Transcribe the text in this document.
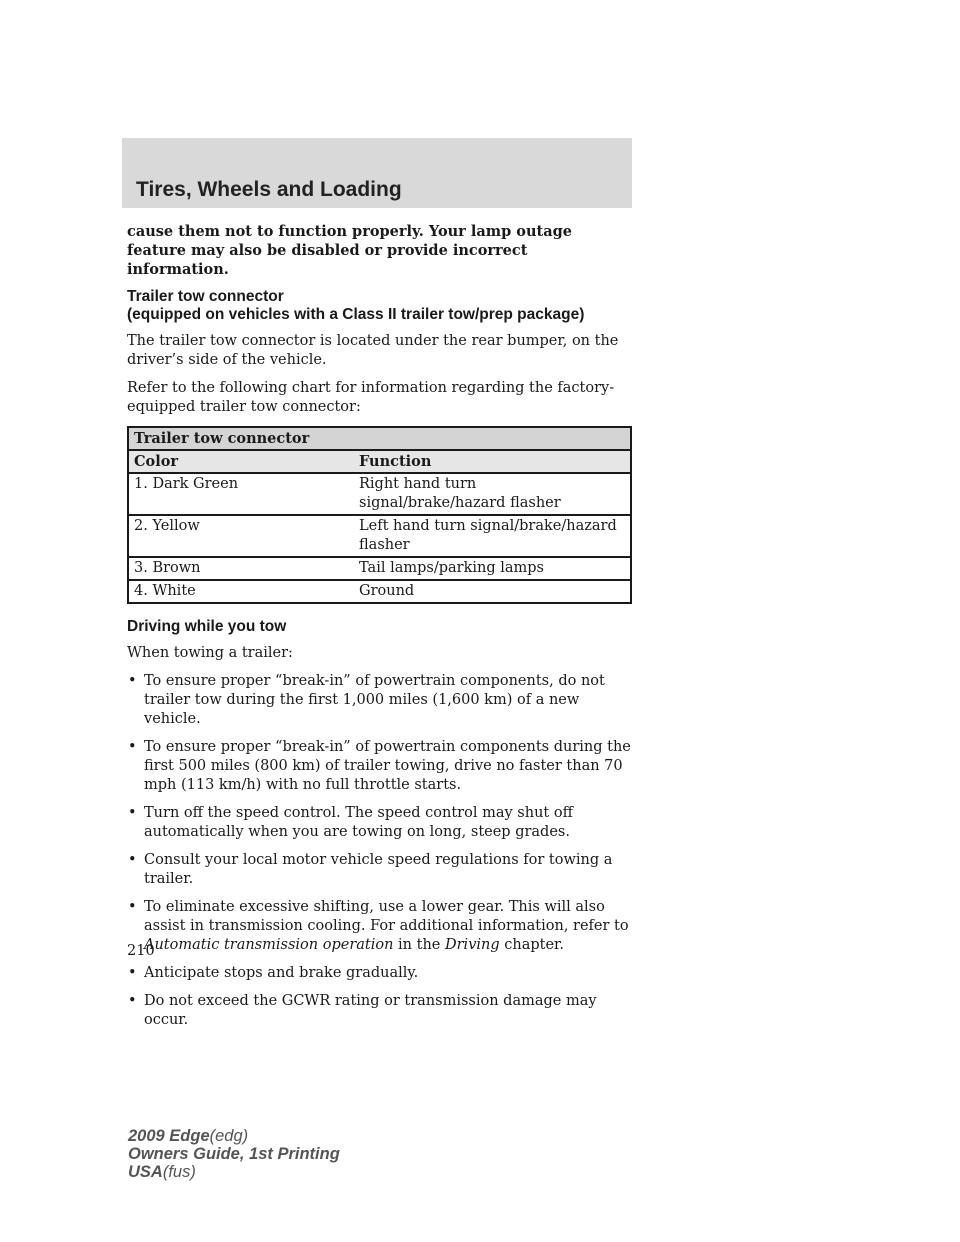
Tires, Wheels and Loading

cause them not to function properly. Your lamp outage feature may also be disabled or provide incorrect information.

Trailer tow connector
(equipped on vehicles with a Class II trailer tow/prep package)

The trailer tow connector is located under the rear bumper, on the driver’s side of the vehicle.

Refer to the following chart for information regarding the factory-equipped trailer tow connector:

Trailer tow connector	
Color	Function
1. Dark Green	Right hand turn signal/brake/hazard flasher
2. Yellow	Left hand turn signal/brake/hazard flasher
3. Brown	Tail lamps/parking lamps
4. White	Ground
Driving while you tow

When towing a trailer:

• To ensure proper “break-in” of powertrain components, do not trailer tow during the first 1,000 miles (1,600 km) of a new vehicle.
• To ensure proper “break-in” of powertrain components during the first 500 miles (800 km) of trailer towing, drive no faster than 70 mph (113 km/h) with no full throttle starts.
• Turn off the speed control. The speed control may shut off automatically when you are towing on long, steep grades.
• Consult your local motor vehicle speed regulations for towing a trailer.
• To eliminate excessive shifting, use a lower gear. This will also assist in transmission cooling. For additional information, refer to Automatic transmission operation in the Driving chapter.
• Anticipate stops and brake gradually.
• Do not exceed the GCWR rating or transmission damage may occur.
210
2009 Edge(edg)
Owners Guide, 1st Printing
USA(fus)
